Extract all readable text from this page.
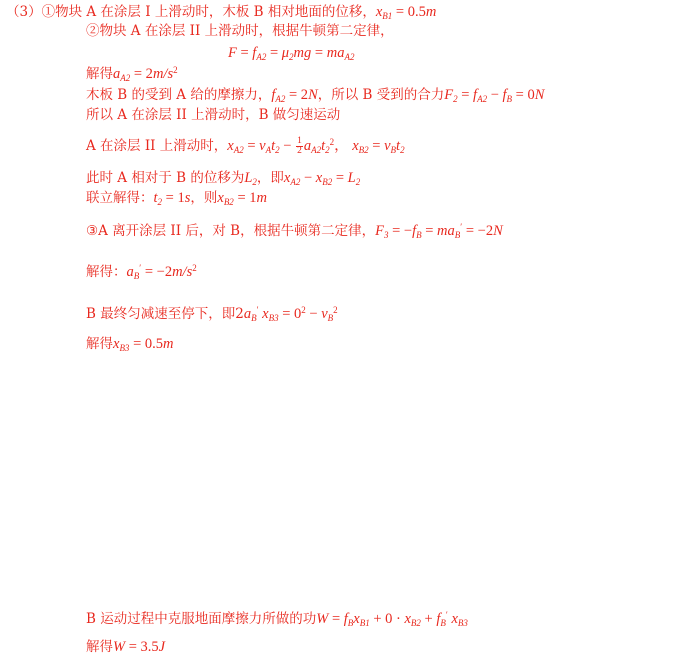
（3）①物块 A 在涂层 I 上滑动时，木板 B 相对地面的位移，$x_{B1} = 0.5m$
②物块 A 在涂层 II 上滑动时，根据牛顿第二定律，
$F = f_{A2} = \mu_2mg = ma_{A2}$
解得$a_{A2} = 2m/s^2$
木板 B 的受到 A 给的摩擦力，$f_{A2} = 2N$，所以 B 受到的合力$F_2 = f_{A2} - f_B = 0N$
所以 A 在涂层 II 上滑动时，B 做匀速运动
A 在涂层 II 上滑动时，$x_{A2} = v_At_2 - \frac{1}{2} a_{A2}t_2^2$， $x_{B2} = v_Bt_2$
此时 A 相对于 B 的位移为$L_2$，即$x_{A2} - x_{B2} = L_2$
联立解得：$t_2 = 1s$，则$x_{B2} = 1m$
③A 离开涂层 II 后，对 B，根据牛顿第二定律，$F_3 = -f_B = ma_B' = -2N$
解得：$a_B' = -2m/s^2$
B 最终匀减速至停下，即$2a_B'$ $x_{B3} = 0^2 - v_B^2$
解得$x_{B3} = 0.5m$
B 运动过程中克服地面摩擦力所做的功$W = f_Bx_{B1} + 0 \cdot x_{B2} + f_B'$ $x_{B3}$
解得W = 3.5J
